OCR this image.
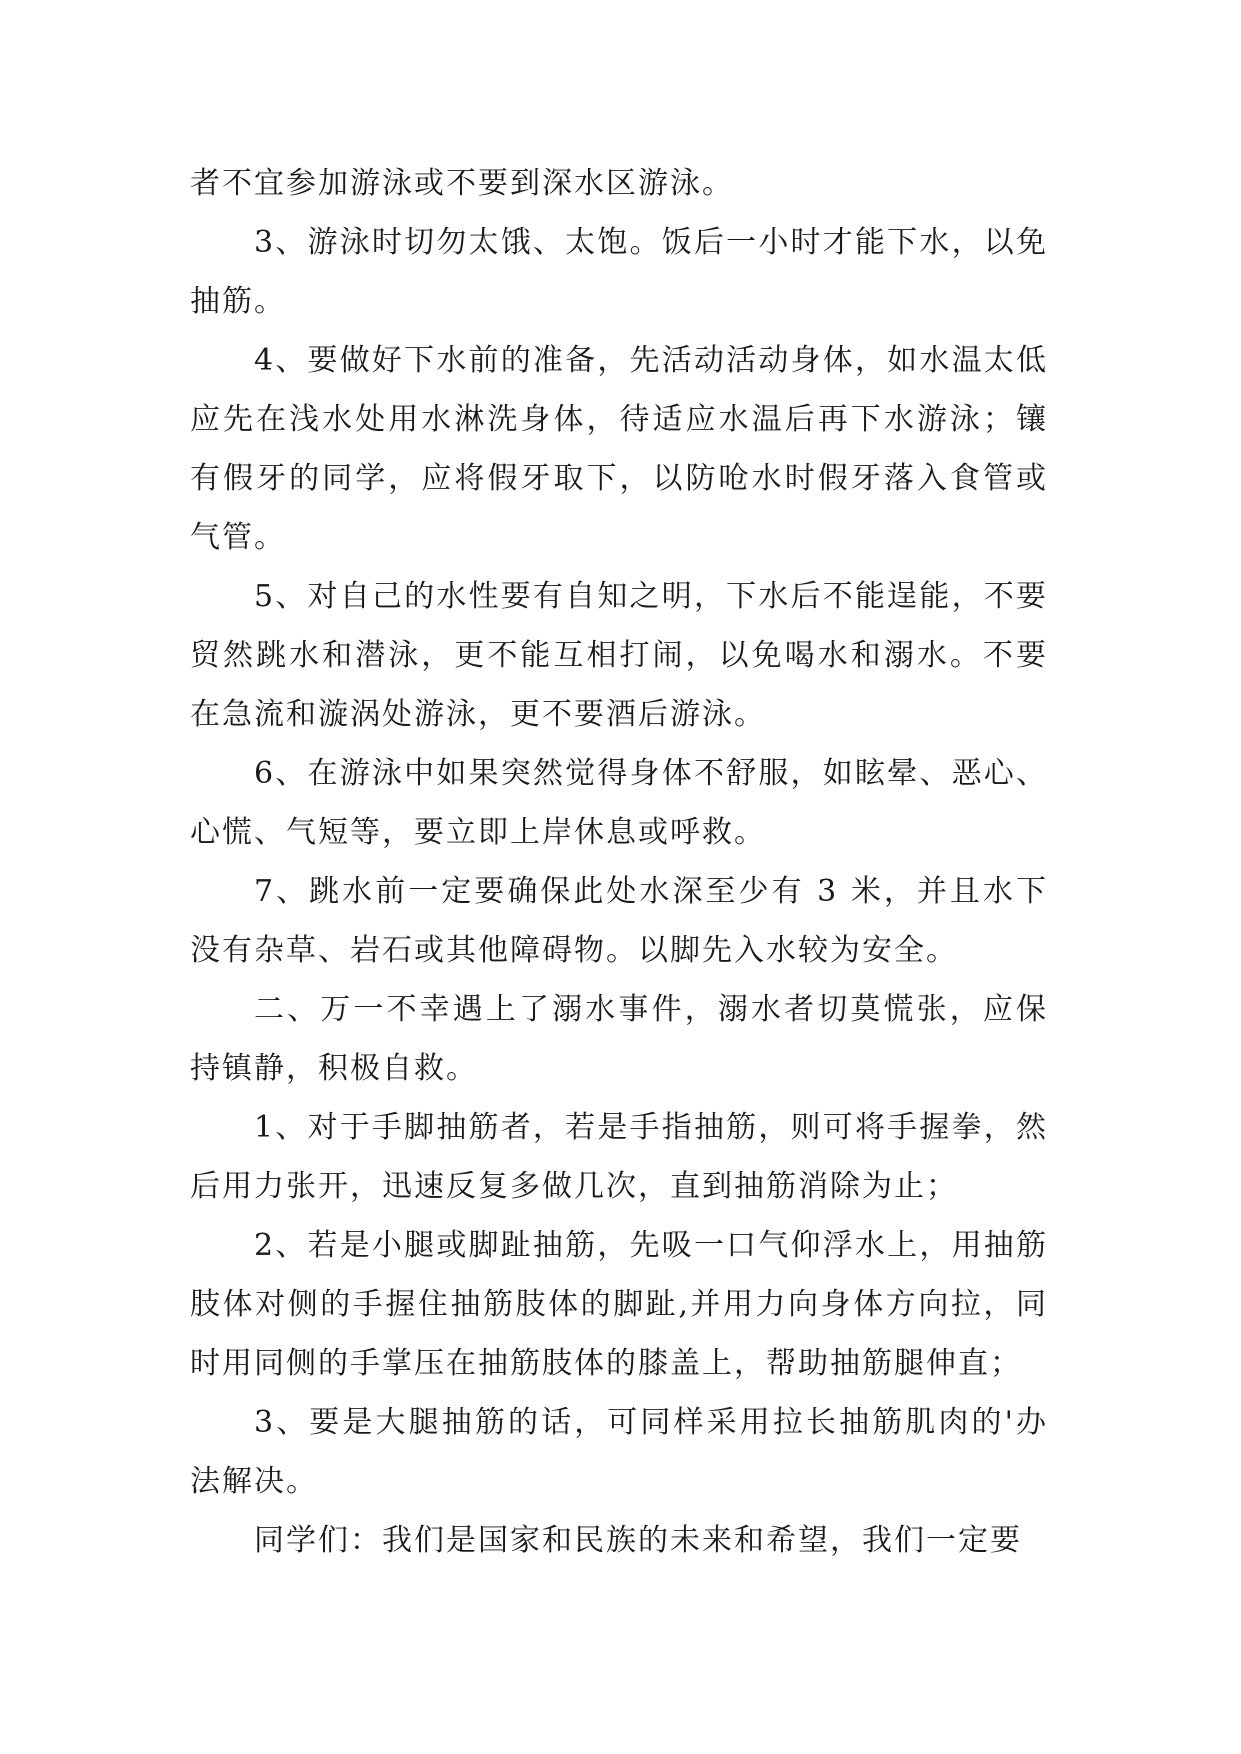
者不宜参加游泳或不要到深水区游泳。

3、游泳时切勿太饿、太饱。饭后一小时才能下水，以免抽筋。

4、要做好下水前的准备，先活动活动身体，如水温太低应先在浅水处用水淋洗身体，待适应水温后再下水游泳；镶有假牙的同学，应将假牙取下，以防呛水时假牙落入食管或气管。

5、对自己的水性要有自知之明，下水后不能逞能，不要贸然跳水和潜泳，更不能互相打闹，以免喝水和溺水。不要在急流和漩涡处游泳，更不要酒后游泳。

6、在游泳中如果突然觉得身体不舒服，如眩晕、恶心、心慌、气短等，要立即上岸休息或呼救。

7、跳水前一定要确保此处水深至少有 3 米，并且水下没有杂草、岩石或其他障碍物。以脚先入水较为安全。

二、万一不幸遇上了溺水事件，溺水者切莫慌张，应保持镇静，积极自救。

1、对于手脚抽筋者，若是手指抽筋，则可将手握拳，然后用力张开，迅速反复多做几次，直到抽筋消除为止；

2、若是小腿或脚趾抽筋，先吸一口气仰浮水上，用抽筋肢体对侧的手握住抽筋肢体的脚趾,并用力向身体方向拉，同时用同侧的手掌压在抽筋肢体的膝盖上，帮助抽筋腿伸直；

3、要是大腿抽筋的话，可同样采用拉长抽筋肌肉的'办法解决。

同学们：我们是国家和民族的未来和希望，我们一定要
